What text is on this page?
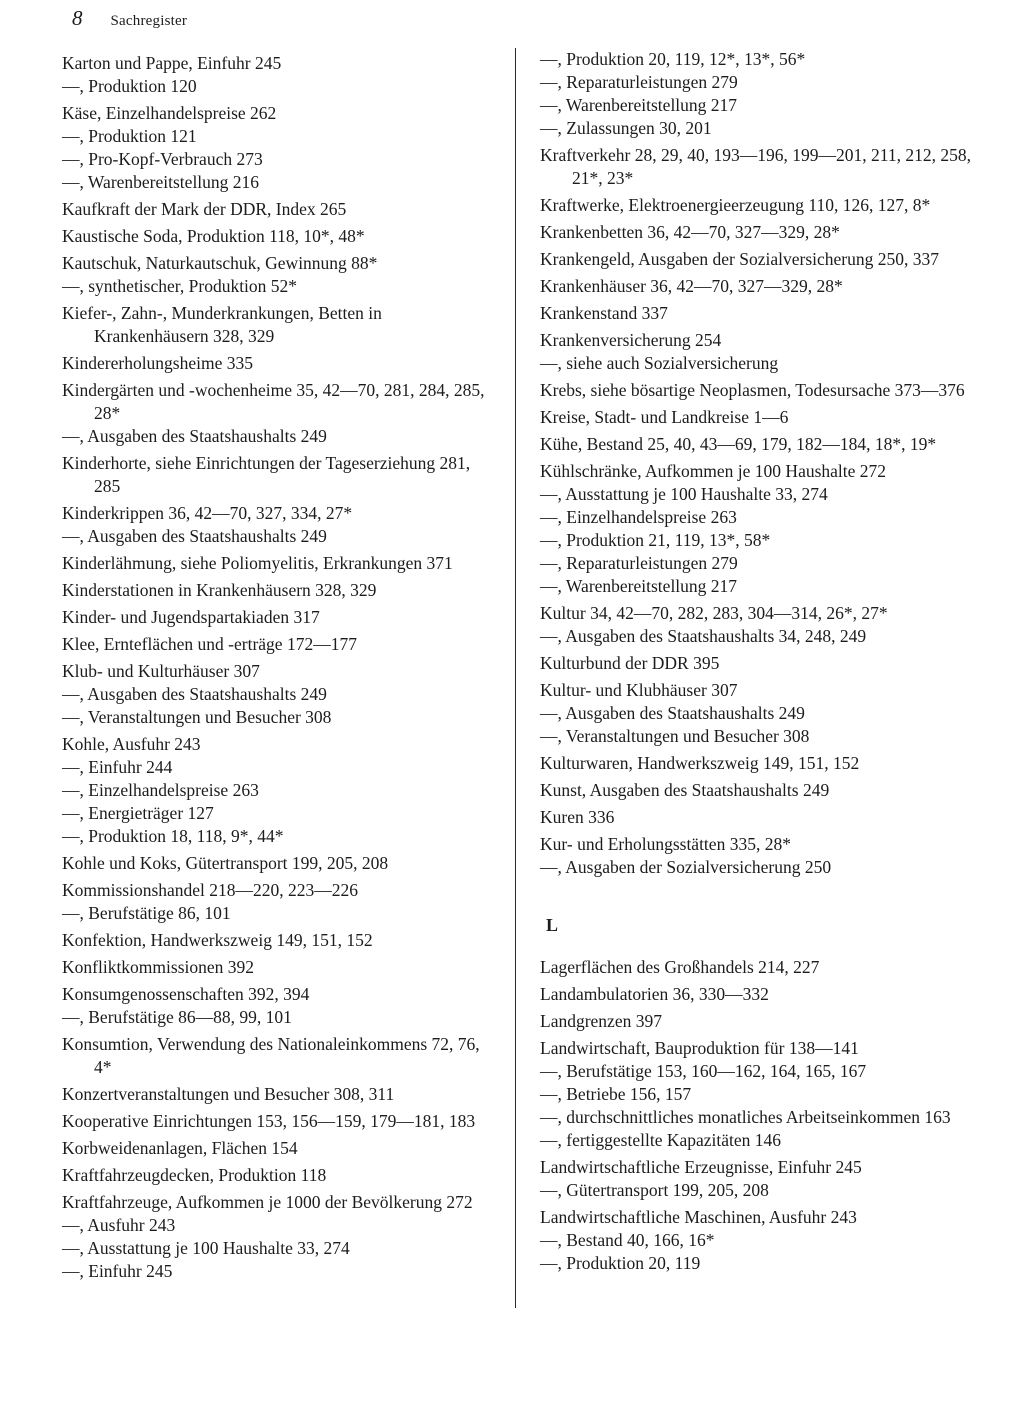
8 Sachregister

Karton und Pappe, Einfuhr 245

—, Produktion 120

Käse, Einzelhandelspreise 262

—, Produktion 121

—, Pro-Kopf-Verbrauch 273

—, Warenbereitstellung 216

Kaufkraft der Mark der DDR, Index 265

Kaustische Soda, Produktion 118, 10*, 48*

Kautschuk, Naturkautschuk, Gewinnung 88*

—, synthetischer, Produktion 52*

Kiefer-, Zahn-, Munderkrankungen, Betten in Krankenhäusern 328, 329

Kindererholungsheime 335

Kindergärten und -wochenheime 35, 42—70, 281, 284, 285, 28*

—, Ausgaben des Staatshaushalts 249

Kinderhorte, siehe Einrichtungen der Tageserziehung 281, 285

Kinderkrippen 36, 42—70, 327, 334, 27*

—, Ausgaben des Staatshaushalts 249

Kinderlähmung, siehe Poliomyelitis, Erkrankungen 371

Kinderstationen in Krankenhäusern 328, 329

Kinder- und Jugendspartakiaden 317

Klee, Ernteflächen und -erträge 172—177

Klub- und Kulturhäuser 307

—, Ausgaben des Staatshaushalts 249

—, Veranstaltungen und Besucher 308

Kohle, Ausfuhr 243

—, Einfuhr 244

—, Einzelhandelspreise 263

—, Energieträger 127

—, Produktion 18, 118, 9*, 44*

Kohle und Koks, Gütertransport 199, 205, 208

Kommissionshandel 218—220, 223—226

—, Berufstätige 86, 101

Konfektion, Handwerkszweig 149, 151, 152

Konfliktkommissionen 392

Konsumgenossenschaften 392, 394

—, Berufstätige 86—88, 99, 101

Konsumtion, Verwendung des Nationaleinkommens 72, 76, 4*

Konzertveranstaltungen und Besucher 308, 311

Kooperative Einrichtungen 153, 156—159, 179—181, 183

Korbweidenanlagen, Flächen 154

Kraftfahrzeugdecken, Produktion 118

Kraftfahrzeuge, Aufkommen je 1000 der Bevölkerung 272

—, Ausfuhr 243

—, Ausstattung je 100 Haushalte 33, 274

—, Einfuhr 245

—, Produktion 20, 119, 12*, 13*, 56*

—, Reparaturleistungen 279

—, Warenbereitstellung 217

—, Zulassungen 30, 201

Kraftverkehr 28, 29, 40, 193—196, 199—201, 211, 212, 258, 21*, 23*

Kraftwerke, Elektroenergieerzeugung 110, 126, 127, 8*

Krankenbetten 36, 42—70, 327—329, 28*

Krankengeld, Ausgaben der Sozialversicherung 250, 337

Krankenhäuser 36, 42—70, 327—329, 28*

Krankenstand 337

Krankenversicherung 254

—, siehe auch Sozialversicherung

Krebs, siehe bösartige Neoplasmen, Todesursache 373—376

Kreise, Stadt- und Landkreise 1—6

Kühe, Bestand 25, 40, 43—69, 179, 182—184, 18*, 19*

Kühlschränke, Aufkommen je 100 Haushalte 272

—, Ausstattung je 100 Haushalte 33, 274

—, Einzelhandelspreise 263

—, Produktion 21, 119, 13*, 58*

—, Reparaturleistungen 279

—, Warenbereitstellung 217

Kultur 34, 42—70, 282, 283, 304—314, 26*, 27*

—, Ausgaben des Staatshaushalts 34, 248, 249

Kulturbund der DDR 395

Kultur- und Klubhäuser 307

—, Ausgaben des Staatshaushalts 249

—, Veranstaltungen und Besucher 308

Kulturwaren, Handwerkszweig 149, 151, 152

Kunst, Ausgaben des Staatshaushalts 249

Kuren 336

Kur- und Erholungsstätten 335, 28*

—, Ausgaben der Sozialversicherung 250

L

Lagerflächen des Großhandels 214, 227

Landambulatorien 36, 330—332

Landgrenzen 397

Landwirtschaft, Bauproduktion für 138—141

—, Berufstätige 153, 160—162, 164, 165, 167

—, Betriebe 156, 157

—, durchschnittliches monatliches Arbeitseinkommen 163

—, fertiggestellte Kapazitäten 146

Landwirtschaftliche Erzeugnisse, Einfuhr 245

—, Gütertransport 199, 205, 208

Landwirtschaftliche Maschinen, Ausfuhr 243

—, Bestand 40, 166, 16*

—, Produktion 20, 119
